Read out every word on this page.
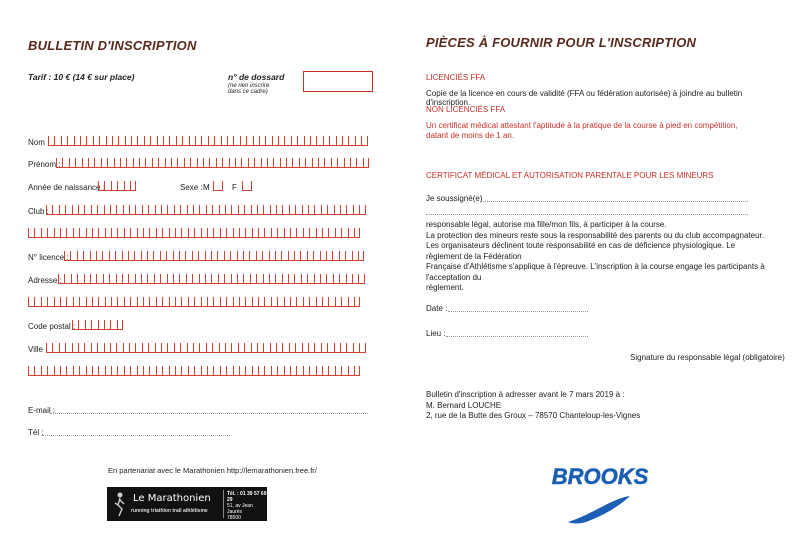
BULLETIN D'INSCRIPTION
Tarif : 10 € (14 € sur place)	n° de dossard
(ne rien inscrire
dans ce cadre)
Nom :
Prénom :
Année de naissance :	Sexe : M	F
Club :
N° licence :
Adresse :
Code postal :
Ville :
E-mail :
Tél :
En partenariat avec le Marathonien http://lemarathonien.free.fr/
Le Marathonien
running triathlon trail athlétisme
Tél. : 01 39 57 69 29
51, av Jean Jaurès
78500 Sartrouville
lemarathonien.free.fr
PIÈCES À FOURNIR POUR L'INSCRIPTION
LICENCIÉS FFA
Copie de la licence en cours de validité (FFA ou fédération autorisée) à joindre au bulletin d'inscription.
NON LICENCIÉS FFA
Un certificat médical attestant l'aptitude à la pratique de la course à pied en compétition,
datant de moins de 1 an.
CERTIFICAT MÉDICAL ET AUTORISATION PARENTALE POUR LES MINEURS
Je soussigné(e)
responsable légal, autorise ma fille/mon fils, à participer à la course.
La protection des mineurs reste sous la responsabilité des parents ou du club accompagnateur.
Les organisateurs déclinent toute responsabilité en cas de déficience physiologique. Le règlement de la Fédération
Française d'Athlétisme s'applique à l'épreuve. L'inscription à la course engage les participants à l'acceptation du
règlement.
Date :
Lieu :
Signature du responsable légal (obligatoire)
Bulletin d'inscription à adresser avant le 7 mars 2019 à :
M. Bernard LOUCHE
2, rue de la Butte des Groux – 78570 Chanteloup-les-Vignes
BROOKS
